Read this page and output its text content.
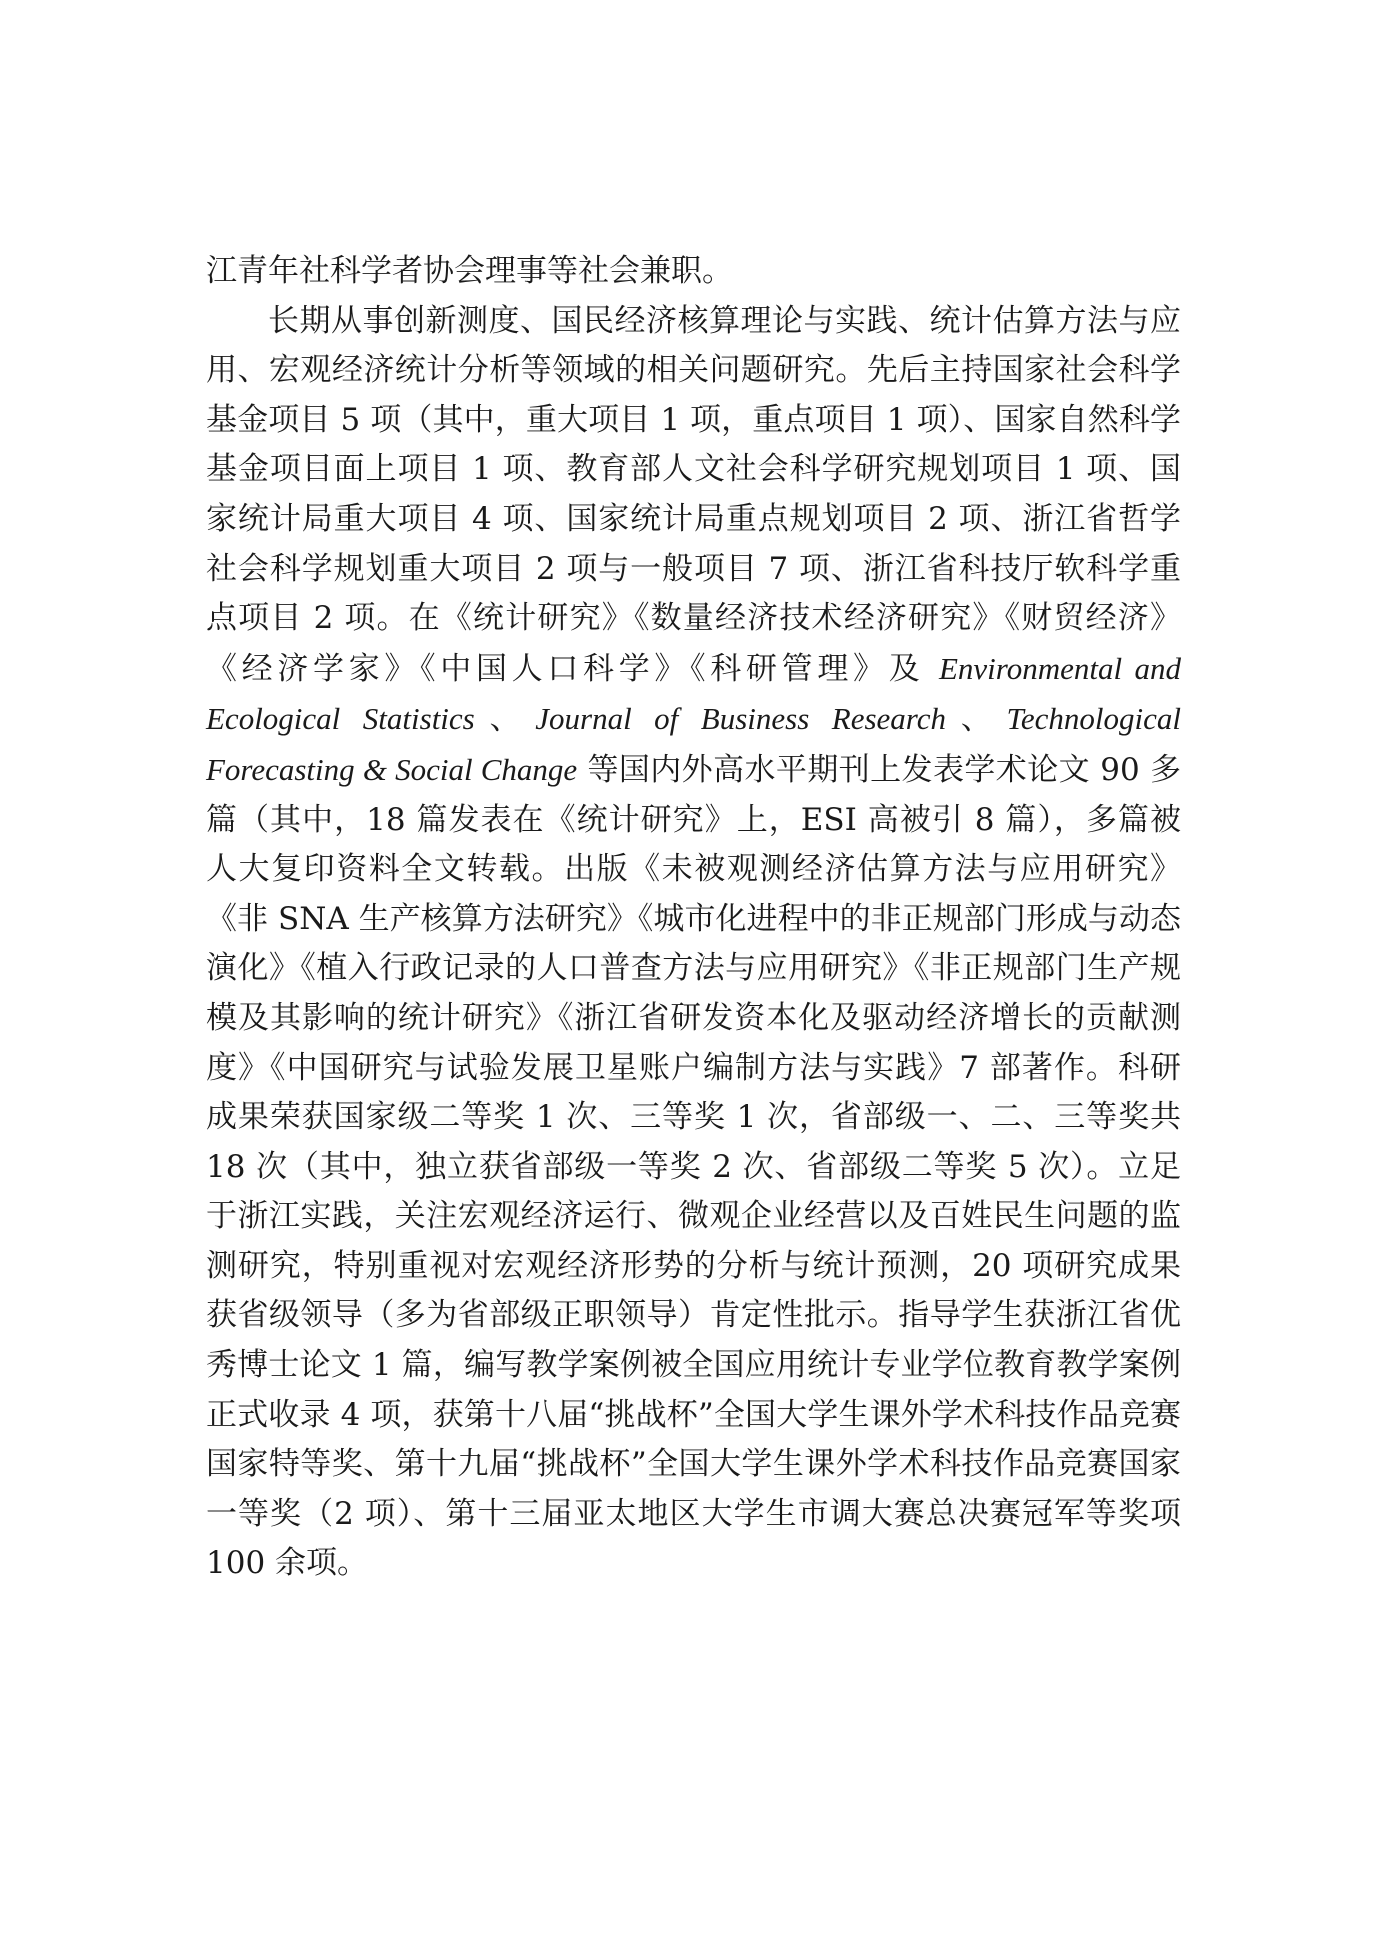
江青年社科学者协会理事等社会兼职。

长期从事创新测度、国民经济核算理论与实践、统计估算方法与应用、宏观经济统计分析等领域的相关问题研究。先后主持国家社会科学基金项目 5 项（其中，重大项目 1 项，重点项目 1 项）、国家自然科学基金项目面上项目 1 项、教育部人文社会科学研究规划项目 1 项、国家统计局重大项目 4 项、国家统计局重点规划项目 2 项、浙江省哲学社会科学规划重大项目 2 项与一般项目 7 项、浙江省科技厅软科学重点项目 2 项。在《统计研究》《数量经济技术经济研究》《财贸经济》《经济学家》《中国人口科学》《科研管理》及 Environmental and Ecological Statistics、Journal of Business Research、Technological Forecasting & Social Change 等国内外高水平期刊上发表学术论文 90 多篇（其中，18 篇发表在《统计研究》上，ESI 高被引 8 篇），多篇被人大复印资料全文转载。出版《未被观测经济估算方法与应用研究》《非 SNA 生产核算方法研究》《城市化进程中的非正规部门形成与动态演化》《植入行政记录的人口普查方法与应用研究》《非正规部门生产规模及其影响的统计研究》《浙江省研发资本化及驱动经济增长的贡献测度》《中国研究与试验发展卫星账户编制方法与实践》7 部著作。科研成果荣获国家级二等奖 1 次、三等奖 1 次，省部级一、二、三等奖共 18 次（其中，独立获省部级一等奖 2 次、省部级二等奖 5 次）。立足于浙江实践，关注宏观经济运行、微观企业经营以及百姓民生问题的监测研究，特别重视对宏观经济形势的分析与统计预测，20 项研究成果获省级领导（多为省部级正职领导）肯定性批示。指导学生获浙江省优秀博士论文 1 篇，编写教学案例被全国应用统计专业学位教育教学案例正式收录 4 项，获第十八届“挑战杯”全国大学生课外学术科技作品竞赛国家特等奖、第十九届“挑战杯”全国大学生课外学术科技作品竞赛国家一等奖（2 项）、第十三届亚太地区大学生市调大赛总决赛冠军等奖项 100 余项。
